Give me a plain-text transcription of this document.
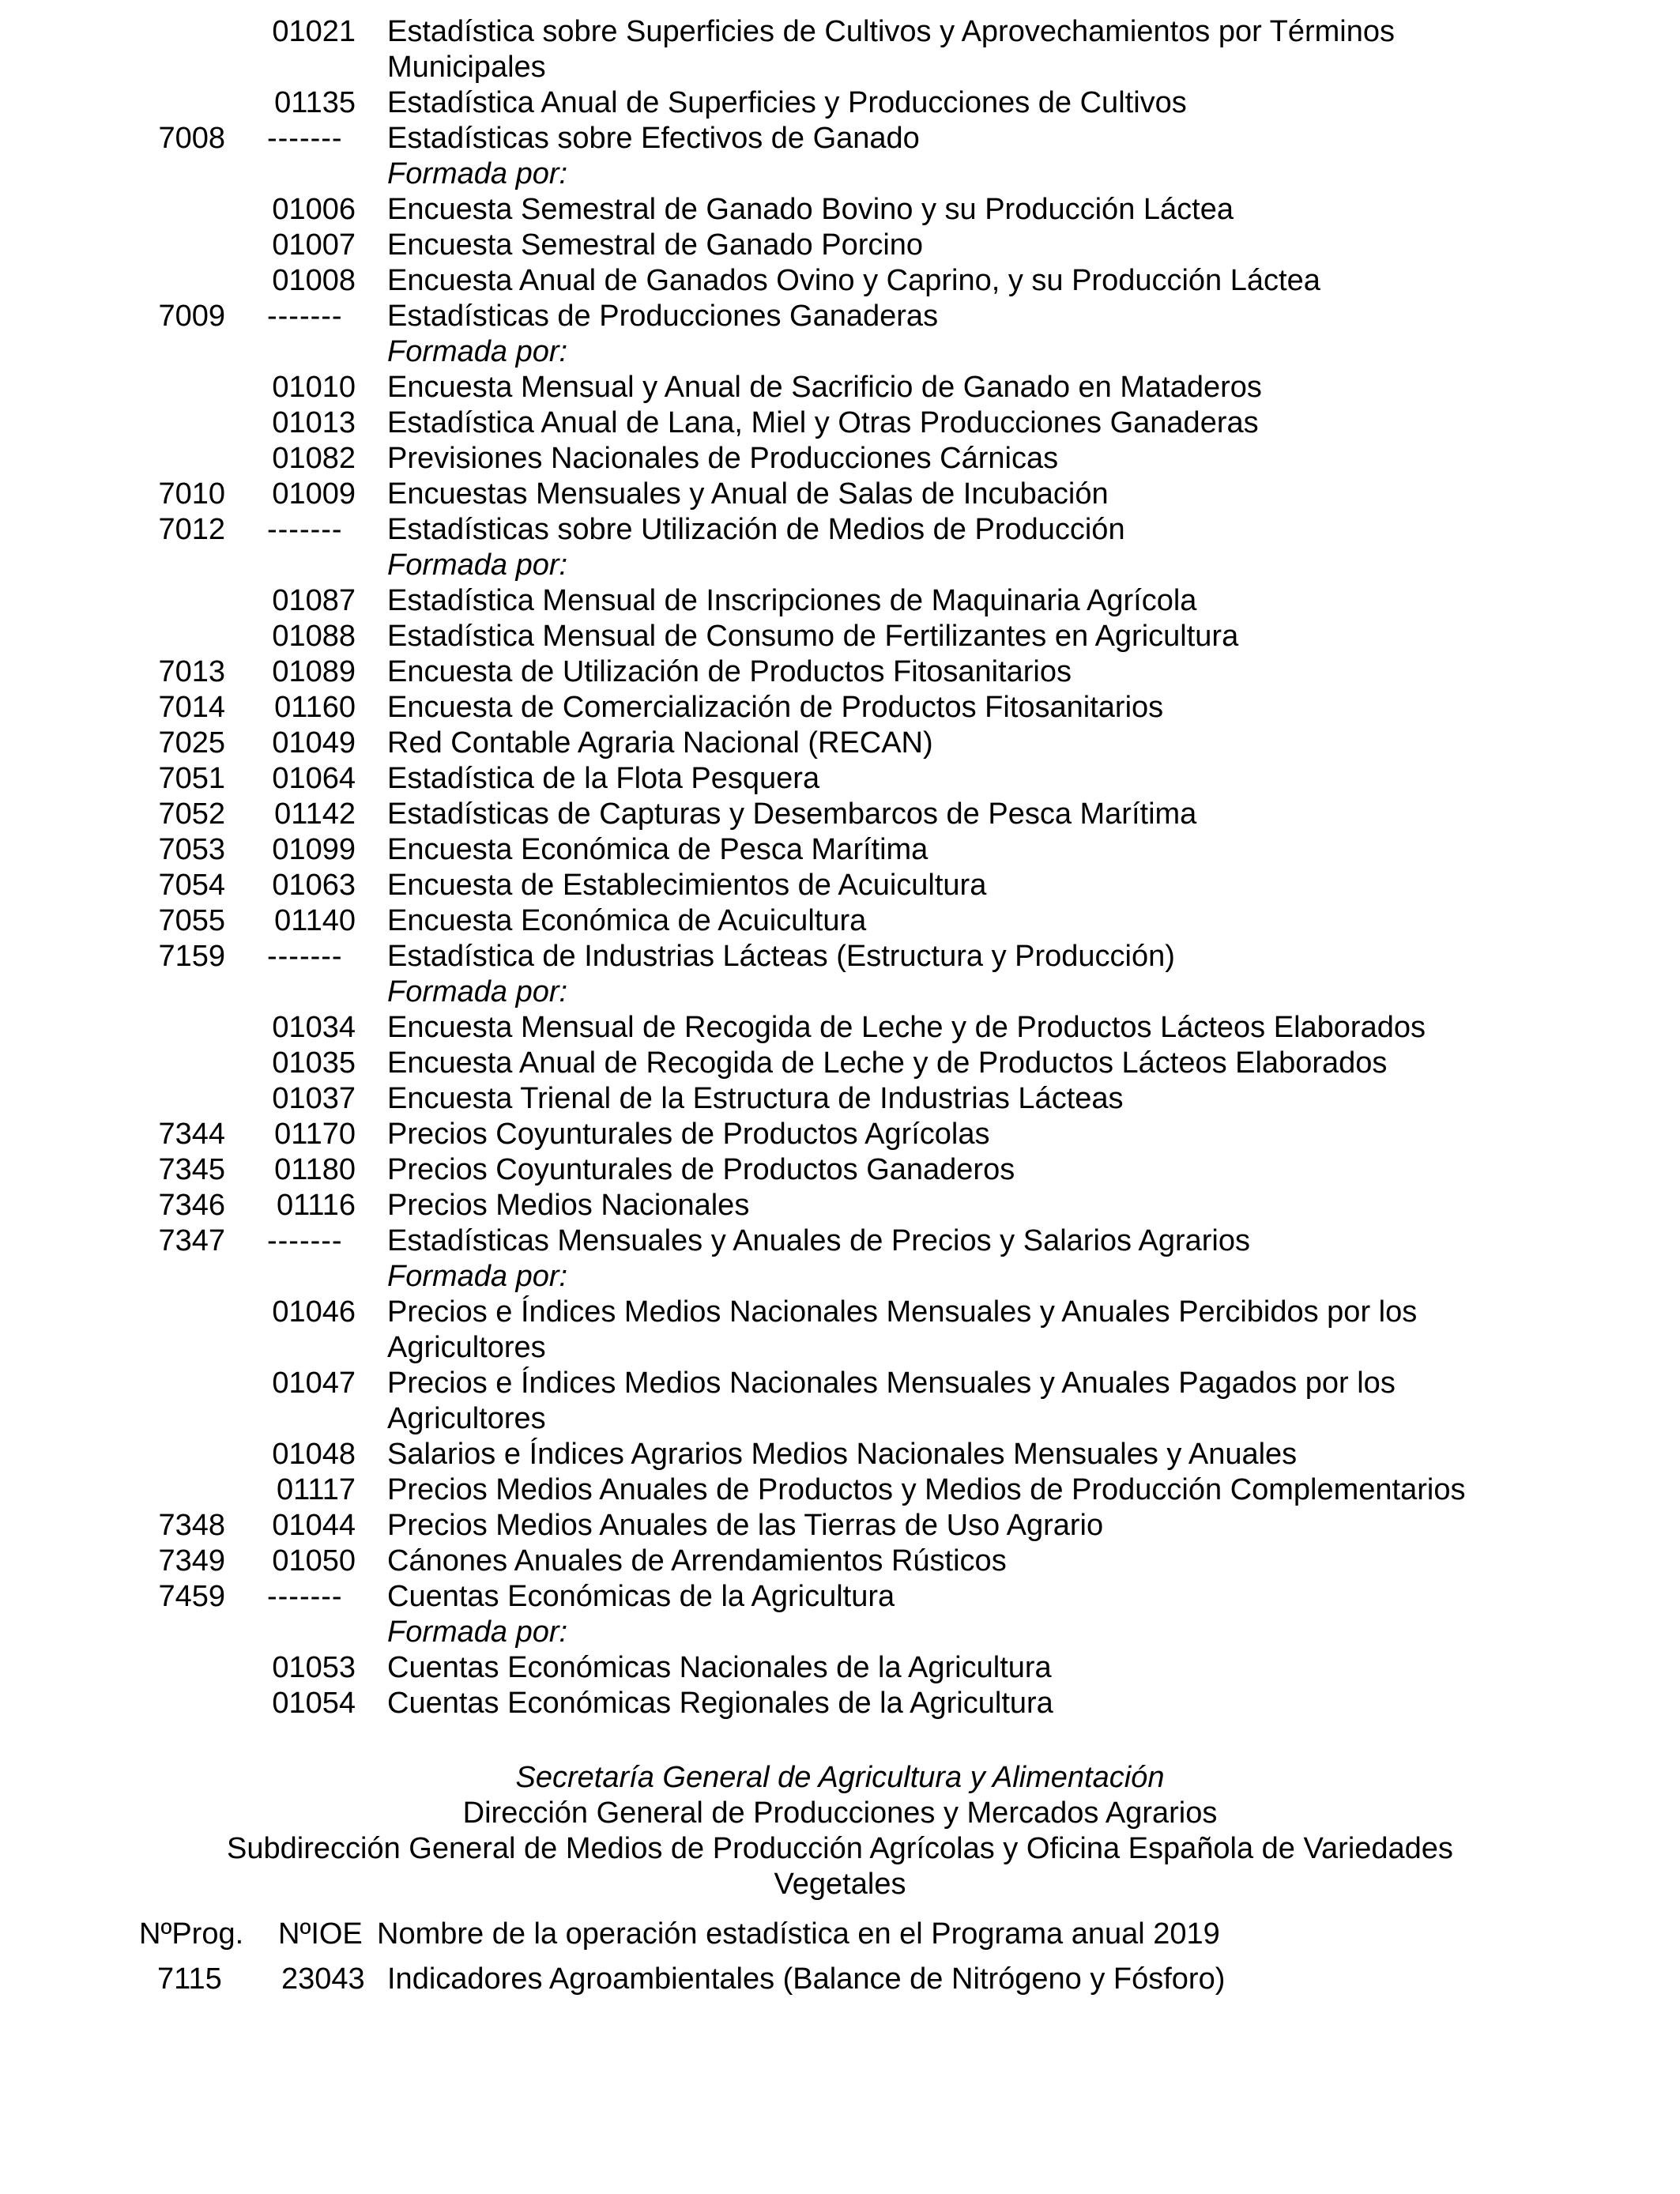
01021 Estadística sobre Superficies de Cultivos y Aprovechamientos por Términos Municipales
01135 Estadística Anual de Superficies y Producciones de Cultivos
7008 -------	Estadísticas sobre Efectivos de Ganado
Formada por:
01006 Encuesta Semestral de Ganado Bovino y su Producción Láctea
01007 Encuesta Semestral de Ganado Porcino
01008 Encuesta Anual de Ganados Ovino y Caprino, y su Producción Láctea
7009 -------	Estadísticas de Producciones Ganaderas
Formada por:
01010 Encuesta Mensual y Anual de Sacrificio de Ganado en Mataderos
01013 Estadística Anual de Lana, Miel y Otras Producciones Ganaderas
01082 Previsiones Nacionales de Producciones Cárnicas
7010 01009 Encuestas Mensuales y Anual de Salas de Incubación
7012 -------	Estadísticas sobre Utilización de Medios de Producción
Formada por:
01087 Estadística Mensual de Inscripciones de Maquinaria Agrícola
01088 Estadística Mensual de Consumo de Fertilizantes en Agricultura
7013 01089 Encuesta de Utilización de Productos Fitosanitarios
7014	01160 Encuesta de Comercialización de Productos Fitosanitarios
7025 01049 Red Contable Agraria Nacional (RECAN)
7051 01064 Estadística de la Flota Pesquera
7052	01142 Estadísticas de Capturas y Desembarcos de Pesca Marítima
7053 01099 Encuesta Económica de Pesca Marítima
7054 01063 Encuesta de Establecimientos de Acuicultura
7055	01140 Encuesta Económica de Acuicultura
7159 -------	Estadística de Industrias Lácteas (Estructura y Producción)
Formada por:
01034 Encuesta Mensual de Recogida de Leche y de Productos Lácteos Elaborados
01035 Encuesta Anual de Recogida de Leche y de Productos Lácteos Elaborados
01037 Encuesta Trienal de la Estructura de Industrias Lácteas
7344	01170 Precios Coyunturales de Productos Agrícolas
7345	01180 Precios Coyunturales de Productos Ganaderos
7346	01116 Precios Medios Nacionales
7347 -------	Estadísticas Mensuales y Anuales de Precios y Salarios Agrarios
Formada por:
01046 Precios e Índices Medios Nacionales Mensuales y Anuales Percibidos por los Agricultores
01047 Precios e Índices Medios Nacionales Mensuales y Anuales Pagados por los Agricultores
01048 Salarios e Índices Agrarios Medios Nacionales Mensuales y Anuales
01117 Precios Medios Anuales de Productos y Medios de Producción Complementarios
7348 01044 Precios Medios Anuales de las Tierras de Uso Agrario
7349 01050 Cánones Anuales de Arrendamientos Rústicos
7459 -------	Cuentas Económicas de la Agricultura
Formada por:
01053 Cuentas Económicas Nacionales de la Agricultura
01054 Cuentas Económicas Regionales de la Agricultura
Secretaría General de Agricultura y Alimentación
Dirección General de Producciones y Mercados Agrarios
Subdirección General de Medios de Producción Agrícolas y Oficina Española de Variedades
Vegetales
NºProg. NºIOE Nombre de la operación estadística en el Programa anual 2019
7115 23043 Indicadores Agroambientales (Balance de Nitrógeno y Fósforo)
